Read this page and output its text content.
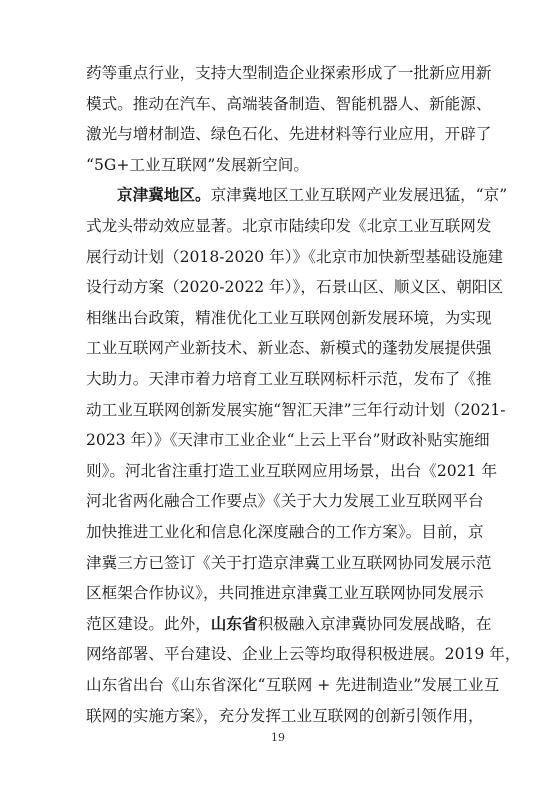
药等重点行业，支持大型制造企业探索形成了一批新应用新
模式。推动在汽车、高端装备制造、智能机器人、新能源、
激光与增材制造、绿色石化、先进材料等行业应用，开辟了
“5G+工业互联网”发展新空间。
京津冀地区。京津冀地区工业互联网产业发展迅猛，“京”
式龙头带动效应显著。北京市陆续印发《北京工业互联网发
展行动计划（2018-2020 年）》《北京市加快新型基础设施建
设行动方案（2020-2022 年）》，石景山区、顺义区、朝阳区
相继出台政策，精准优化工业互联网创新发展环境，为实现
工业互联网产业新技术、新业态、新模式的蓬勃发展提供强
大助力。天津市着力培育工业互联网标杆示范，发布了《推
动工业互联网创新发展实施“智汇天津”三年行动计划（2021-
2023 年）》《天津市工业企业“上云上平台”财政补贴实施细
则》。河北省注重打造工业互联网应用场景，出台《2021 年
河北省两化融合工作要点》《关于大力发展工业互联网平台
加快推进工业化和信息化深度融合的工作方案》。目前，京
津冀三方已签订《关于打造京津冀工业互联网协同发展示范
区框架合作协议》，共同推进京津冀工业互联网协同发展示
范区建设。此外，山东省积极融入京津冀协同发展战略，在
网络部署、平台建设、企业上云等均取得积极进展。2019 年，
山东省出台《山东省深化“互联网 + 先进制造业”发展工业互
联网的实施方案》，充分发挥工业互联网的创新引领作用，
19
